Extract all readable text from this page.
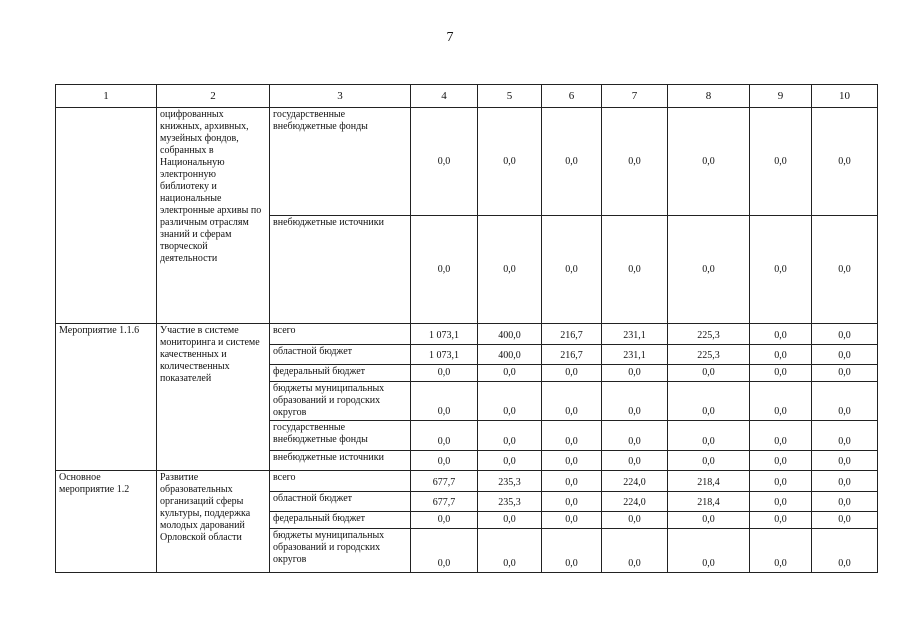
7
1	2	3	4	5	6	7	8	9	10
	оцифрованных книжных, архивных, музейных фондов, собранных в Национальную электронную библиотеку и национальные электронные архивы по различным отраслям знаний и сферам творческой деятельности	государственные внебюджетные фонды	0,0	0,0	0,0	0,0	0,0	0,0	0,0
		внебюджетные источники	0,0	0,0	0,0	0,0	0,0	0,0	0,0
Мероприятие 1.1.6	Участие в системе мониторинга и системе качественных и количественных показателей	всего	1 073,1	400,0	216,7	231,1	225,3	0,0	0,0
		областной бюджет	1 073,1	400,0	216,7	231,1	225,3	0,0	0,0
		федеральный бюджет	0,0	0,0	0,0	0,0	0,0	0,0	0,0
		бюджеты муниципальных образований и городских округов	0,0	0,0	0,0	0,0	0,0	0,0	0,0
		государственные внебюджетные фонды	0,0	0,0	0,0	0,0	0,0	0,0	0,0
		внебюджетные источники	0,0	0,0	0,0	0,0	0,0	0,0	0,0
Основное мероприятие 1.2	Развитие образовательных организаций сферы культуры, поддержка молодых дарований Орловской области	всего	677,7	235,3	0,0	224,0	218,4	0,0	0,0
		областной бюджет	677,7	235,3	0,0	224,0	218,4	0,0	0,0
		федеральный бюджет	0,0	0,0	0,0	0,0	0,0	0,0	0,0
		бюджеты муниципальных образований и городских округов	0,0	0,0	0,0	0,0	0,0	0,0	0,0
